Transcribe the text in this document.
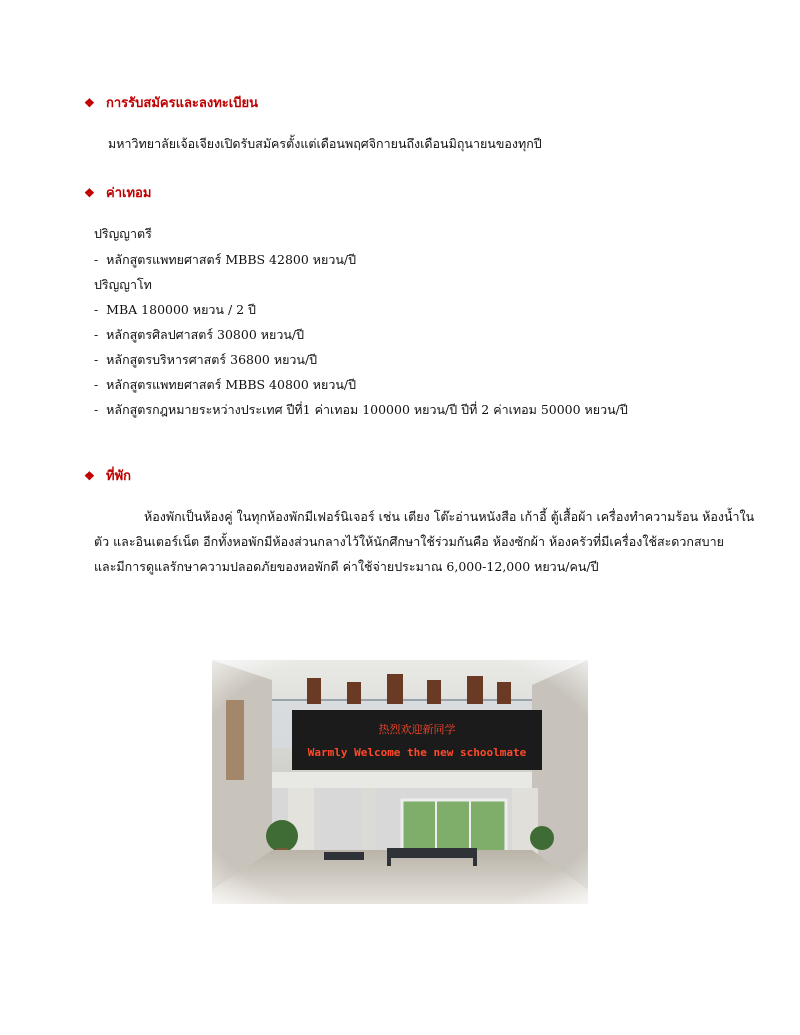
❖ การรับสมัครและลงทะเบียน
มหาวิทยาลัยเจ้อเจียงเปิดรับสมัครตั้งแต่เดือนพฤศจิกายนถึงเดือนมิถุนายนของทุกปี
❖ ค่าเทอม
ปริญญาตรี
-  หลักสูตรแพทยศาสตร์ MBBS 42800 หยวน/ปี
ปริญญาโท
-  MBA 180000 หยวน / 2 ปี
-  หลักสูตรศิลปศาสตร์ 30800 หยวน/ปี
-  หลักสูตรบริหารศาสตร์ 36800 หยวน/ปี
-  หลักสูตรแพทยศาสตร์ MBBS 40800 หยวน/ปี
-  หลักสูตรกฎหมายระหว่างประเทศ ปีที่1 ค่าเทอม 100000 หยวน/ปี ปีที่ 2 ค่าเทอม 50000 หยวน/ปี
❖ ที่พัก
ห้องพักเป็นห้องคู่ ในทุกห้องพักมีเฟอร์นิเจอร์ เช่น เตียง โต๊ะอ่านหนังสือ เก้าอี้ ตู้เสื้อผ้า เครื่องทำความร้อน ห้องน้ำใน
ตัว และอินเตอร์เน็ต อีกทั้งหอพักมีห้องส่วนกลางไว้ให้นักศึกษาใช้ร่วมกันคือ ห้องซักผ้า ห้องครัวที่มีเครื่องใช้สะดวกสบาย
และมีการดูแลรักษาความปลอดภัยของหอพักดี ค่าใช้จ่ายประมาณ 6,000-12,000 หยวน/คน/ปี
